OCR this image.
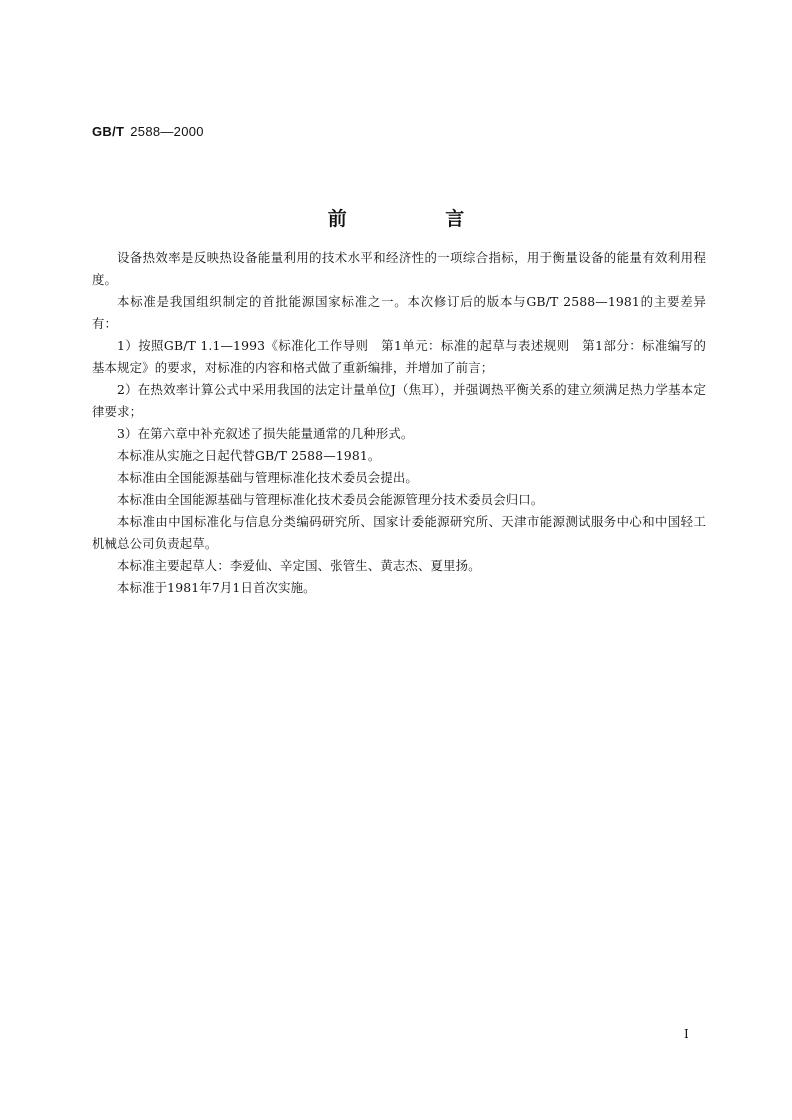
GB/T 2588—2000
前 言

设备热效率是反映热设备能量利用的技术水平和经济性的一项综合指标，用于衡量设备的能量有效利用程度。

本标准是我国组织制定的首批能源国家标准之一。本次修订后的版本与GB/T 2588—1981的主要差异有：

1）按照GB/T 1.1—1993《标准化工作导则　第1单元：标准的起草与表述规则　第1部分：标准编写的基本规定》的要求，对标准的内容和格式做了重新编排，并增加了前言；

2）在热效率计算公式中采用我国的法定计量单位J（焦耳），并强调热平衡关系的建立须满足热力学基本定律要求；

3）在第六章中补充叙述了损失能量通常的几种形式。

本标准从实施之日起代替GB/T 2588—1981。

本标准由全国能源基础与管理标准化技术委员会提出。

本标准由全国能源基础与管理标准化技术委员会能源管理分技术委员会归口。

本标准由中国标准化与信息分类编码研究所、国家计委能源研究所、天津市能源测试服务中心和中国轻工机械总公司负责起草。

本标准主要起草人：李爱仙、辛定国、张管生、黄志杰、夏里扬。

本标准于1981年7月1日首次实施。

I
